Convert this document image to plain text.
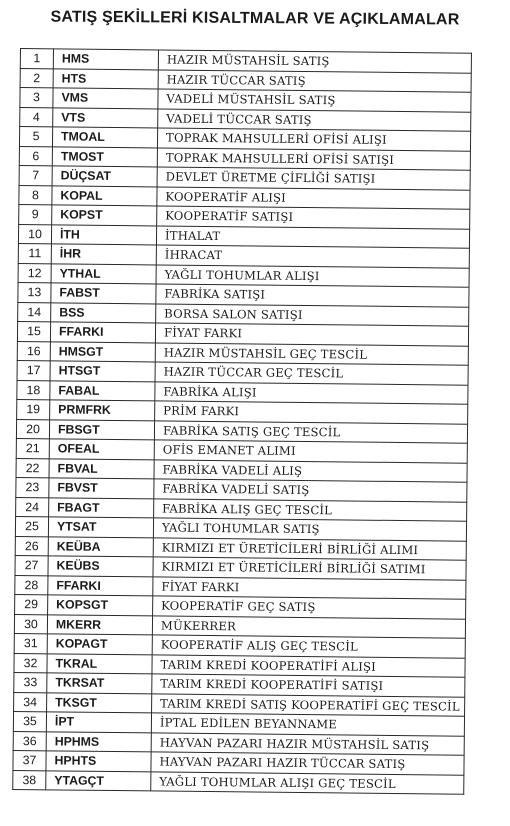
SATIŞ ŞEKİLLERİ KISALTMALAR VE AÇIKLAMALAR
1	HMS	HAZIR MÜSTAHSİL SATIŞ
2	HTS	HAZIR TÜCCAR SATIŞ
3	VMS	VADELİ MÜSTAHSİL SATIŞ
4	VTS	VADELİ TÜCCAR SATIŞ
5	TMOAL	TOPRAK MAHSULLERİ OFİSİ ALIŞI
6	TMOST	TOPRAK MAHSULLERİ OFİSİ SATIŞI
7	DÜÇSAT	DEVLET ÜRETME ÇİFLİĞİ SATIŞI
8	KOPAL	KOOPERATİF ALIŞI
9	KOPST	KOOPERATİF SATIŞI
10	İTH	İTHALAT
11	İHR	İHRACAT
12	YTHAL	YAĞLI TOHUMLAR ALIŞI
13	FABST	FABRİKA SATIŞI
14	BSS	BORSA SALON SATIŞI
15	FFARKI	FİYAT FARKI
16	HMSGT	HAZIR MÜSTAHSİL GEÇ TESCİL
17	HTSGT	HAZIR TÜCCAR GEÇ TESCİL
18	FABAL	FABRİKA ALIŞI
19	PRMFRK	PRİM FARKI
20	FBSGT	FABRİKA SATIŞ GEÇ TESCİL
21	OFEAL	OFİS EMANET ALIMI
22	FBVAL	FABRİKA VADELİ ALIŞ
23	FBVST	FABRİKA VADELİ SATIŞ
24	FBAGT	FABRİKA ALIŞ GEÇ TESCİL
25	YTSAT	YAĞLI TOHUMLAR SATIŞ
26	KEÜBA	KIRMIZI ET ÜRETİCİLERİ BİRLİĞİ ALIMI
27	KEÜBS	KIRMIZI ET ÜRETİCİLERİ BİRLİĞİ SATIMI
28	FFARKI	FİYAT FARKI
29	KOPSGT	KOOPERATİF GEÇ SATIŞ
30	MKERR	MÜKERRER
31	KOPAGT	KOOPERATİF ALIŞ GEÇ TESCİL
32	TKRAL	TARIM KREDİ KOOPERATİFİ ALIŞI
33	TKRSAT	TARIM KREDİ KOOPERATİFİ SATIŞI
34	TKSGT	TARIM KREDİ SATIŞ KOOPERATİFİ GEÇ TESCİL
35	İPT	İPTAL EDİLEN BEYANNAME
36	HPHMS	HAYVAN PAZARI HAZIR MÜSTAHSİL SATIŞ
37	HPHTS	HAYVAN PAZARI HAZIR TÜCCAR SATIŞ
38	YTAGÇT	YAĞLI TOHUMLAR ALIŞI GEÇ TESCİL
